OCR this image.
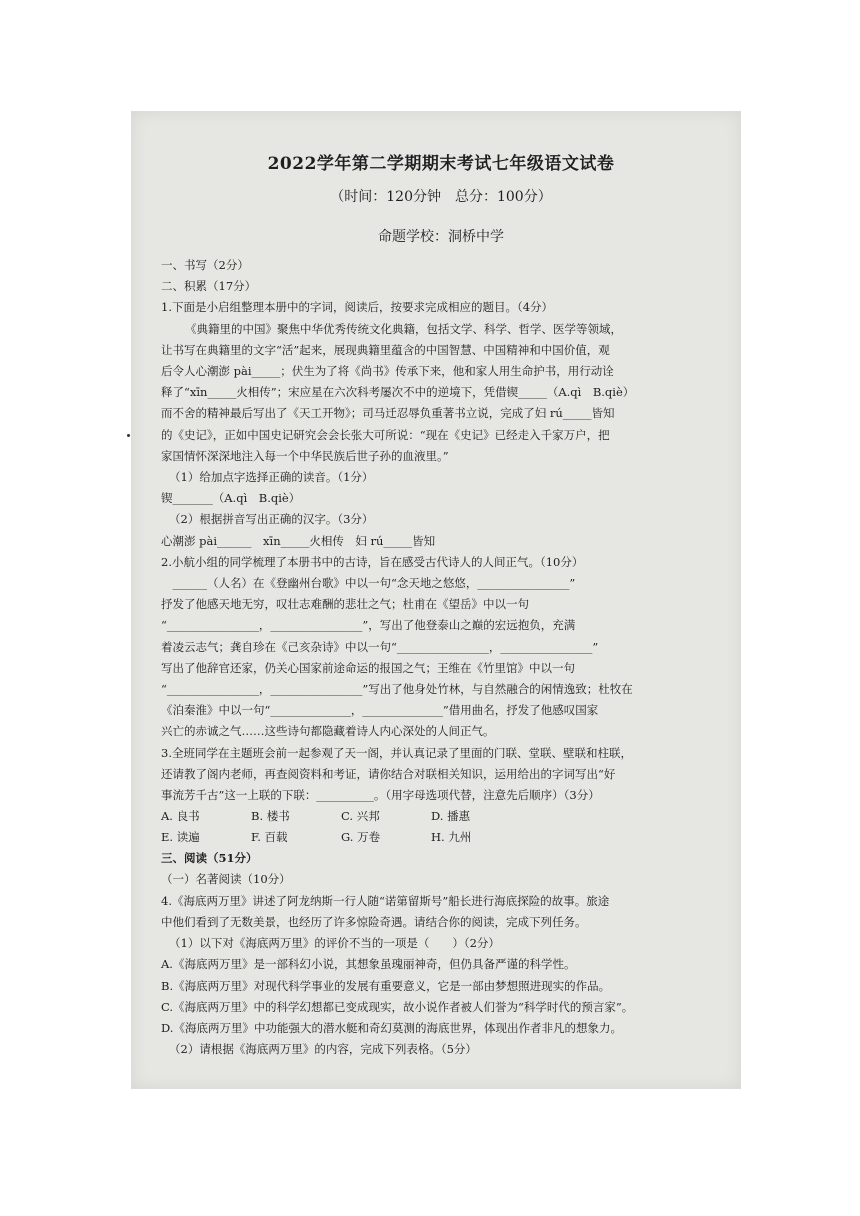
2022学年第二学期期末考试七年级语文试卷
（时间：120分钟　总分：100分）
命题学校：洞桥中学
一、书写（2分）
二、积累（17分）
1.下面是小启组整理本册中的字词，阅读后，按要求完成相应的题目。（4分）
《典籍里的中国》聚焦中华优秀传统文化典籍，包括文学、科学、哲学、医学等领域，
让书写在典籍里的文字“活”起来，展现典籍里蕴含的中国智慧、中国精神和中国价值，观
后令人心潮澎 pài_____；伏生为了将《尚书》传承下来，他和家人用生命护书，用行动诠
释了“xīn_____火相传”；宋应星在六次科考屡次不中的逆境下，凭借锲_____（A.qì　B.qiè）
而不舍的精神最后写出了《天工开物》；司马迁忍辱负重著书立说，完成了妇 rú_____皆知
的《史记》，正如中国史记研究会会长张大可所说：“现在《史记》已经走入千家万户，把
家国情怀深深地注入每一个中华民族后世子孙的血液里。”
（1）给加点字选择正确的读音。（1分）
锲_______（A.qì　B.qiè）
（2）根据拼音写出正确的汉字。（3分）
心潮澎 pài______　xīn_____火相传　妇 rú_____皆知
2.小航小组的同学梳理了本册书中的古诗，旨在感受古代诗人的人间正气。（10分）
　______（人名）在《登幽州台歌》中以一句“念天地之悠悠，________________”
抒发了他感天地无穷，叹壮志难酬的悲壮之气；杜甫在《望岳》中以一句
“________________，________________”，写出了他登泰山之巅的宏远抱负，充满
着凌云志气；龚自珍在《己亥杂诗》中以一句“________________，________________”
写出了他辞官还家，仍关心国家前途命运的报国之气；王维在《竹里馆》中以一句
“________________，________________”写出了他身处竹林，与自然融合的闲情逸致；杜牧在
《泊秦淮》中以一句“______________，______________”借用曲名，抒发了他感叹国家
兴亡的赤诚之气……这些诗句都隐藏着诗人内心深处的人间正气。
3.全班同学在主题班会前一起参观了天一阁，并认真记录了里面的门联、堂联、壁联和柱联，
还请教了阁内老师，再查阅资料和考证，请你结合对联相关知识，运用给出的字词写出“好
事流芳千古”这一上联的下联：__________。（用字母选项代替，注意先后顺序）（3分）
A. 良书	B. 楼书	C. 兴邦	D. 播惠
E. 读遍	F. 百载	G. 万卷	H. 九州
三、阅读（51分）
（一）名著阅读（10分）
4.《海底两万里》讲述了阿龙纳斯一行人随“诺第留斯号”船长进行海底探险的故事。旅途
中他们看到了无数美景，也经历了许多惊险奇遇。请结合你的阅读，完成下列任务。
（1）以下对《海底两万里》的评价不当的一项是（　　）（2分）
A.《海底两万里》是一部科幻小说，其想象虽瑰丽神奇，但仍具备严谨的科学性。
B.《海底两万里》对现代科学事业的发展有重要意义，它是一部由梦想照进现实的作品。
C.《海底两万里》中的科学幻想都已变成现实，故小说作者被人们誉为“科学时代的预言家”。
D.《海底两万里》中功能强大的潜水艇和奇幻莫测的海底世界，体现出作者非凡的想象力。
（2）请根据《海底两万里》的内容，完成下列表格。（5分）
